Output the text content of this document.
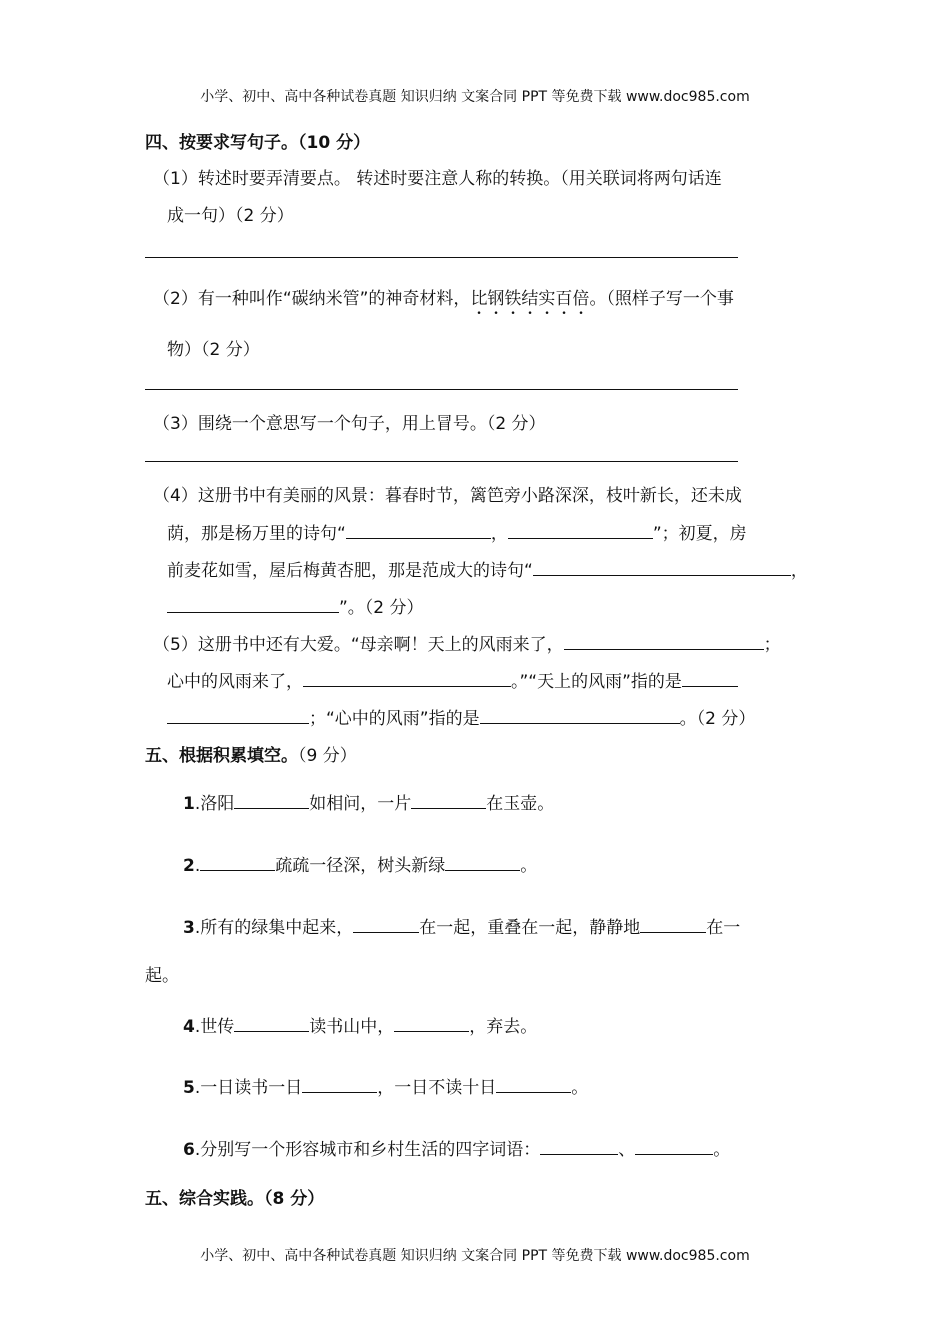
小学、初中、高中各种试卷真题 知识归纳 文案合同 PPT 等免费下载 www.doc985.com
四、按要求写句子。（10 分）
（1）转述时要弄清要点。 转述时要注意人称的转换。（用关联词将两句话连
成一句）（2 分）
（2）有一种叫作“碳纳米管”的神奇材料，比钢铁结实百倍。（照样子写一个事
物）（2 分）
（3）围绕一个意思写一个句子，用上冒号。（2 分）
（4）这册书中有美丽的风景：暮春时节，篱笆旁小路深深，枝叶新长，还未成
荫，那是杨万里的诗句“	，	”；初夏，房
前麦花如雪，屋后梅黄杏肥，那是范成大的诗句“	，
”。（2 分）
（5）这册书中还有大爱。“母亲啊！天上的风雨来了，	；
心中的风雨来了，	。”“天上的风雨”指的是
；“心中的风雨”指的是	。（2 分）
五、根据积累填空。（9 分）
1.洛阳	如相问，一片	在玉壶。
2.	疏疏一径深，树头新绿	。
3.所有的绿集中起来，	在一起，重叠在一起，静静地	在一
起。
4.世传	读书山中，	，弃去。
5.一日读书一日	，一日不读十日	。
6.分别写一个形容城市和乡村生活的四字词语：	、	。
五、综合实践。（8 分）
小学、初中、高中各种试卷真题 知识归纳 文案合同 PPT 等免费下载 www.doc985.com
